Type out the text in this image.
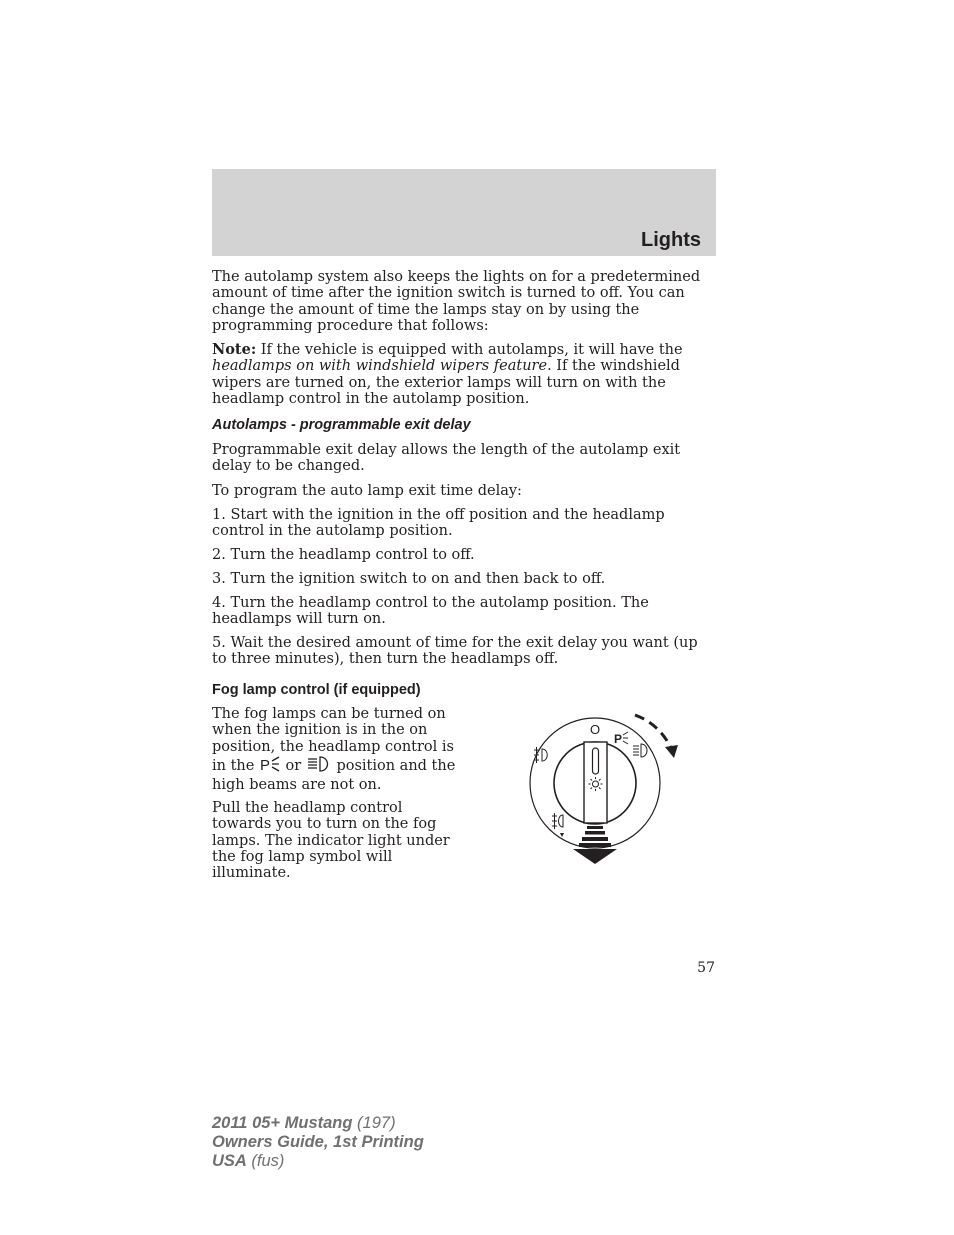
Lights

The autolamp system also keeps the lights on for a predetermined amount of time after the ignition switch is turned to off. You can change the amount of time the lamps stay on by using the programming procedure that follows:

Note: If the vehicle is equipped with autolamps, it will have the headlamps on with windshield wipers feature. If the windshield wipers are turned on, the exterior lamps will turn on with the headlamp control in the autolamp position.

Autolamps - programmable exit delay

Programmable exit delay allows the length of the autolamp exit delay to be changed.

To program the auto lamp exit time delay:

1. Start with the ignition in the off position and the headlamp control in the autolamp position.

2. Turn the headlamp control to off.

3. Turn the ignition switch to on and then back to off.

4. Turn the headlamp control to the autolamp position. The headlamps will turn on.

5. Wait the desired amount of time for the exit delay you want (up to three minutes), then turn the headlamps off.

Fog lamp control (if equipped)

The fog lamps can be turned on when the ignition is in the on position, the headlamp control is in the P or  position and the high beams are not on.

Pull the headlamp control towards you to turn on the fog lamps. The indicator light under the fog lamp symbol will illuminate.

O
P
57
2011 05+ Mustang (197)
Owners Guide, 1st Printing
USA (fus)
